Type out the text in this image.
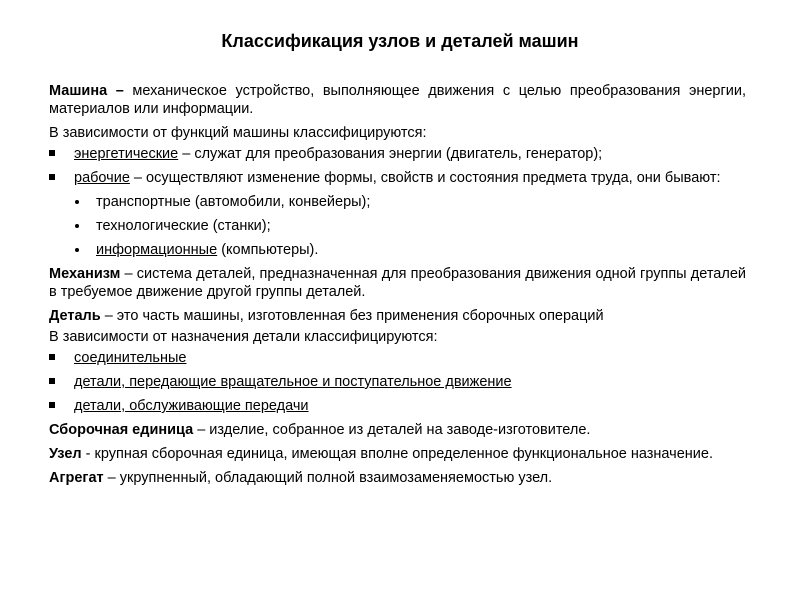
Классификация узлов и деталей машин

Машина – механическое устройство, выполняющее движения с целью преобразования энергии, материалов или информации.

В зависимости от функций машины классифицируются:

энергетические – служат для преобразования энергии (двигатель, генератор);
рабочие – осуществляют изменение формы, свойств и состояния предмета труда, они бывают:
транспортные (автомобили, конвейеры);
технологические (станки);
информационные (компьютеры).

Механизм – система деталей, предназначенная для преобразования движения одной группы деталей в требуемое движение другой группы деталей.

Деталь – это часть машины, изготовленная без применения сборочных операций

В зависимости от назначения детали классифицируются:

соединительные
детали, передающие вращательное и поступательное движение
детали, обслуживающие передачи

Сборочная единица – изделие, собранное из деталей на заводе-изготовителе.

Узел - крупная сборочная единица, имеющая вполне определенное функциональное назначение.

Агрегат – укрупненный, обладающий полной взаимозаменяемостью узел.
